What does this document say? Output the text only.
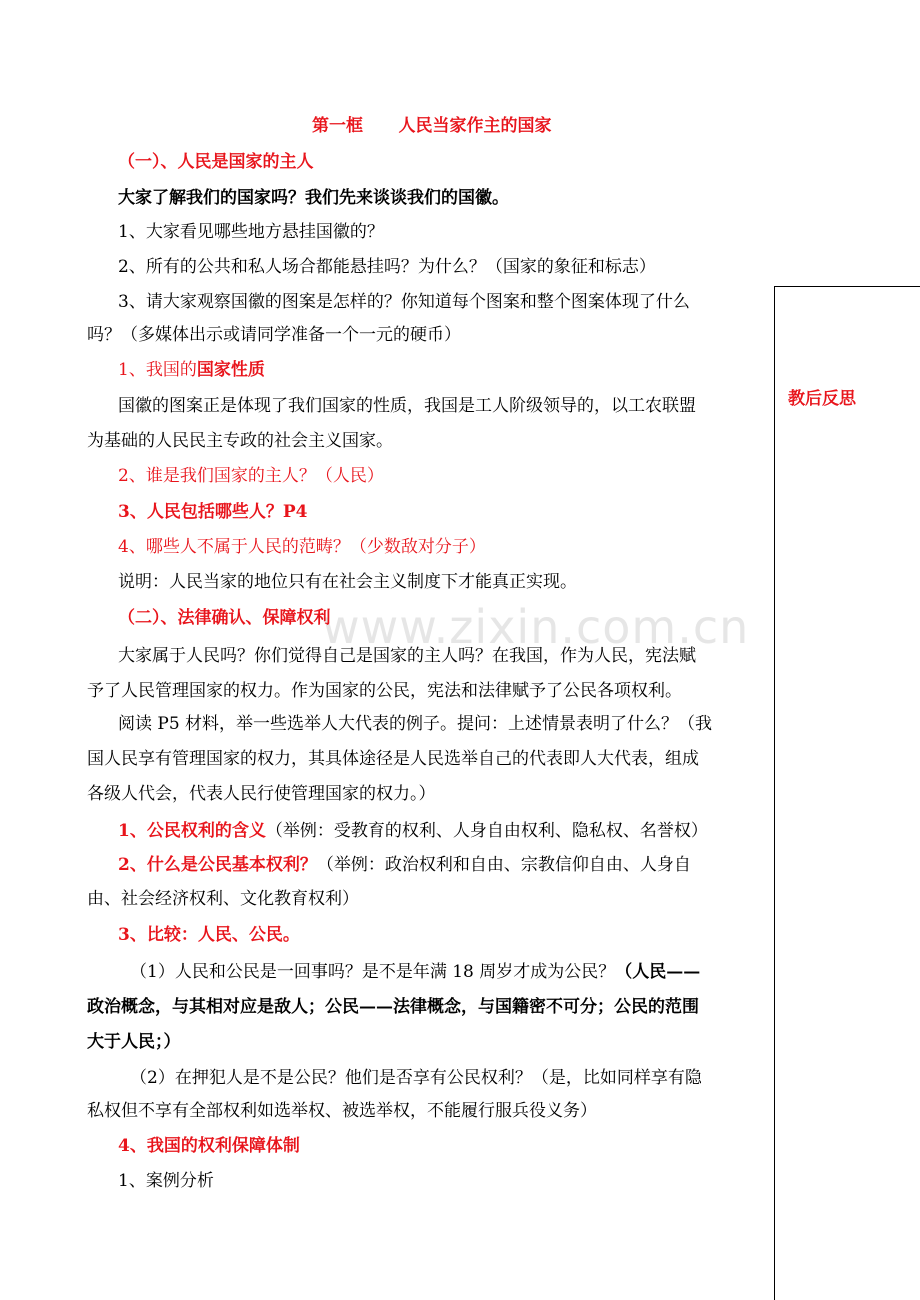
www.zixin.com.cn
第一框      人民当家作主的国家
教后反思
（一）、人民是国家的主人
大家了解我们的国家吗？我们先来谈谈我们的国徽。
1、大家看见哪些地方悬挂国徽的？
2、所有的公共和私人场合都能悬挂吗？为什么？（国家的象征和标志）
3、请大家观察国徽的图案是怎样的？你知道每个图案和整个图案体现了什么
吗？（多媒体出示或请同学准备一个一元的硬币）
1、我国的国家性质
国徽的图案正是体现了我们国家的性质，我国是工人阶级领导的，以工农联盟
为基础的人民民主专政的社会主义国家。
2、谁是我们国家的主人？（人民）
3、人民包括哪些人？P4
4、哪些人不属于人民的范畴？（少数敌对分子）
说明：人民当家的地位只有在社会主义制度下才能真正实现。
（二）、法律确认、保障权利
大家属于人民吗？你们觉得自己是国家的主人吗？在我国，作为人民，宪法赋
予了人民管理国家的权力。作为国家的公民，宪法和法律赋予了公民各项权利。
阅读 P5 材料，举一些选举人大代表的例子。提问：上述情景表明了什么？（我
国人民享有管理国家的权力，其具体途径是人民选举自己的代表即人大代表，组成
各级人代会，代表人民行使管理国家的权力。）
1、公民权利的含义（举例：受教育的权利、人身自由权利、隐私权、名誉权）
2、什么是公民基本权利？（举例：政治权利和自由、宗教信仰自由、人身自
由、社会经济权利、文化教育权利）
3、比较：人民、公民。
（1）人民和公民是一回事吗？是不是年满 18 周岁才成为公民？（人民——
政治概念，与其相对应是敌人；公民——法律概念，与国籍密不可分；公民的范围
大于人民；）
（2）在押犯人是不是公民？他们是否享有公民权利？（是，比如同样享有隐
私权但不享有全部权利如选举权、被选举权，不能履行服兵役义务）
4、我国的权利保障体制
1、案例分析
